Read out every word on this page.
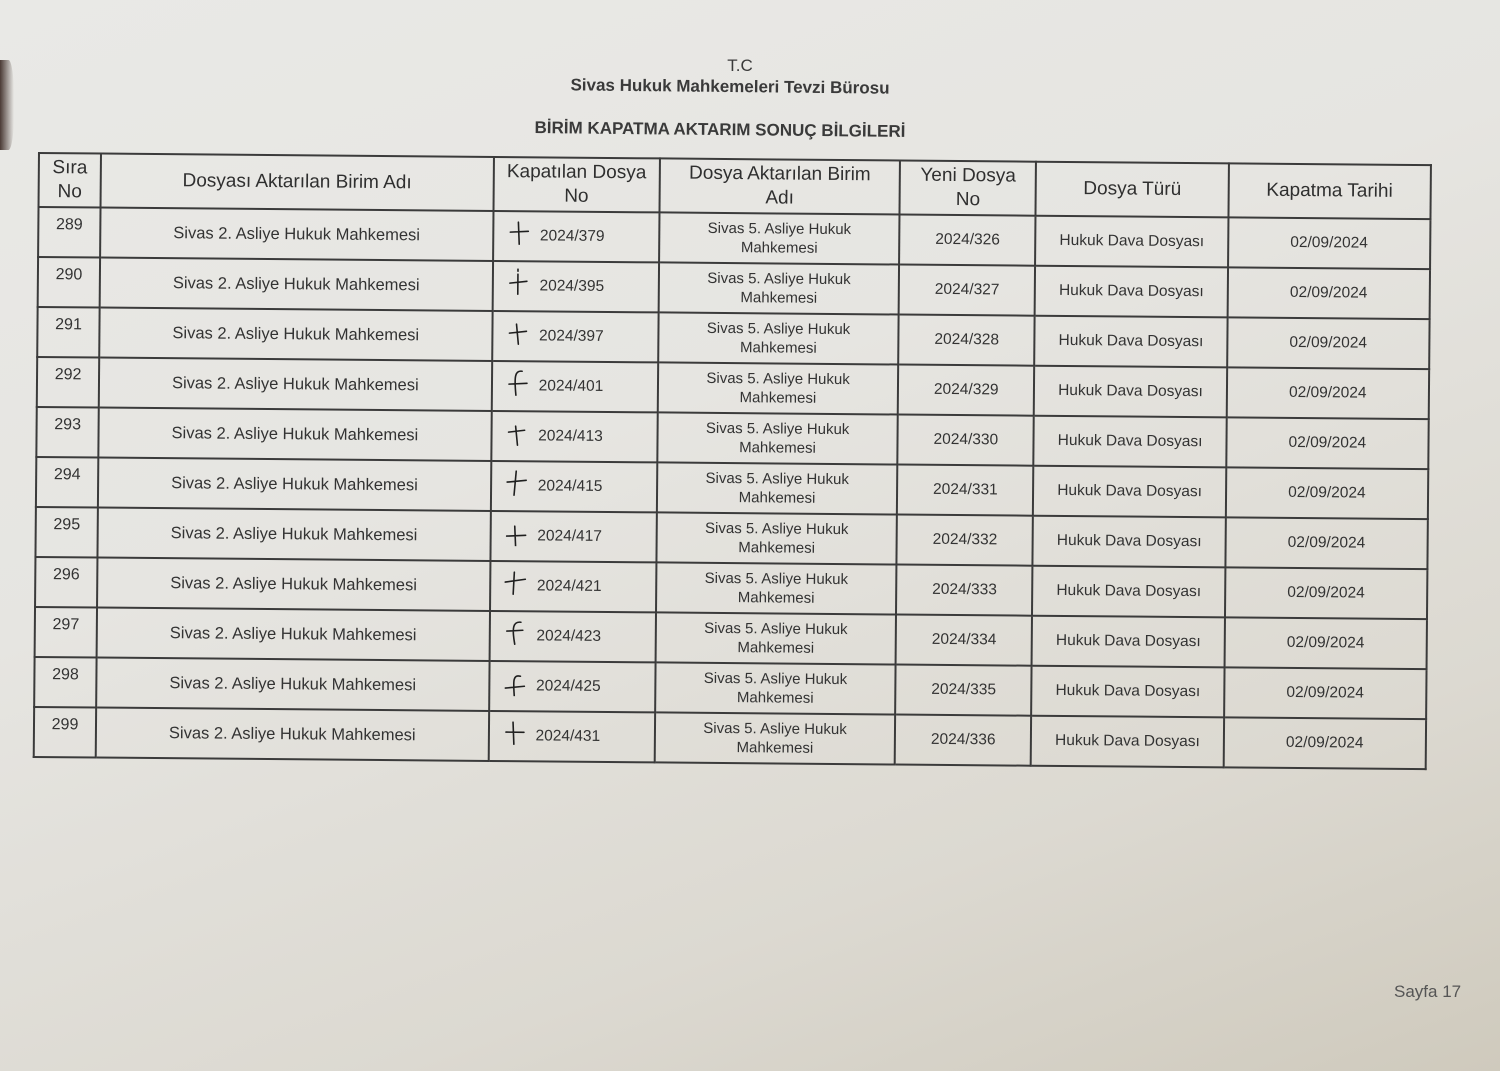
T.C
Sivas Hukuk Mahkemeleri Tevzi Bürosu
BİRİM KAPATMA AKTARIM SONUÇ BİLGİLERİ
Sıra
No	Dosyası Aktarılan Birim Adı	Kapatılan Dosya
No	Dosya Aktarılan Birim
Adı	Yeni Dosya
No	Dosya Türü	Kapatma Tarihi
289	Sivas 2. Asliye Hukuk Mahkemesi	2024/379	Sivas 5. Asliye Hukuk
Mahkemesi	2024/326	Hukuk Dava Dosyası	02/09/2024
290	Sivas 2. Asliye Hukuk Mahkemesi	2024/395	Sivas 5. Asliye Hukuk
Mahkemesi	2024/327	Hukuk Dava Dosyası	02/09/2024
291	Sivas 2. Asliye Hukuk Mahkemesi	2024/397	Sivas 5. Asliye Hukuk
Mahkemesi	2024/328	Hukuk Dava Dosyası	02/09/2024
292	Sivas 2. Asliye Hukuk Mahkemesi	2024/401	Sivas 5. Asliye Hukuk
Mahkemesi	2024/329	Hukuk Dava Dosyası	02/09/2024
293	Sivas 2. Asliye Hukuk Mahkemesi	2024/413	Sivas 5. Asliye Hukuk
Mahkemesi	2024/330	Hukuk Dava Dosyası	02/09/2024
294	Sivas 2. Asliye Hukuk Mahkemesi	2024/415	Sivas 5. Asliye Hukuk
Mahkemesi	2024/331	Hukuk Dava Dosyası	02/09/2024
295	Sivas 2. Asliye Hukuk Mahkemesi	2024/417	Sivas 5. Asliye Hukuk
Mahkemesi	2024/332	Hukuk Dava Dosyası	02/09/2024
296	Sivas 2. Asliye Hukuk Mahkemesi	2024/421	Sivas 5. Asliye Hukuk
Mahkemesi	2024/333	Hukuk Dava Dosyası	02/09/2024
297	Sivas 2. Asliye Hukuk Mahkemesi	2024/423	Sivas 5. Asliye Hukuk
Mahkemesi	2024/334	Hukuk Dava Dosyası	02/09/2024
298	Sivas 2. Asliye Hukuk Mahkemesi	2024/425	Sivas 5. Asliye Hukuk
Mahkemesi	2024/335	Hukuk Dava Dosyası	02/09/2024
299	Sivas 2. Asliye Hukuk Mahkemesi	2024/431	Sivas 5. Asliye Hukuk
Mahkemesi	2024/336	Hukuk Dava Dosyası	02/09/2024
Sayfa 17
